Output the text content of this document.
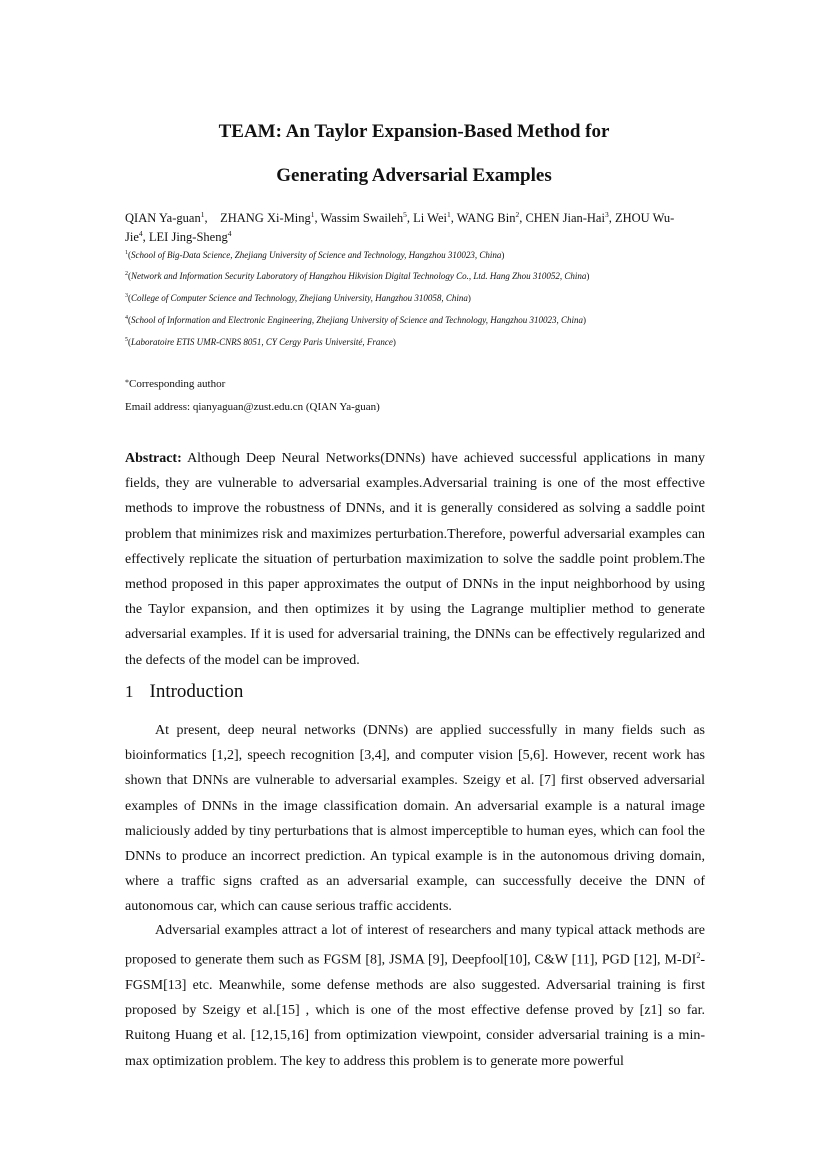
TEAM: An Taylor Expansion-Based Method for
Generating Adversarial Examples
QIAN Ya-guan$^1$,    ZHANG Xi-Ming$^1$, Wassim Swaileh$^5$, Li Wei$^1$, WANG Bin$^2$, CHEN Jian-Hai$^3$, ZHOU Wu-Jie$^4$, LEI Jing-Sheng$^4$
$^1$(School of Big-Data Science, Zhejiang University of Science and Technology, Hangzhou 310023, China)
$^2$(Network and Information Security Laboratory of Hangzhou Hikvision Digital Technology Co., Ltd. Hang Zhou 310052, China)
$^3$(College of Computer Science and Technology, Zhejiang University, Hangzhou 310058, China)
$^4$(School of Information and Electronic Engineering, Zhejiang University of Science and Technology, Hangzhou 310023, China)
$^5$(Laboratoire ETIS UMR-CNRS 8051, CY Cergy Paris Université, France)
*Corresponding author
Email address: qianyaguan@zust.edu.cn (QIAN Ya-guan)

Abstract: Although Deep Neural Networks(DNNs) have achieved successful applications in many fields, they are vulnerable to adversarial examples.Adversarial training is one of the most effective methods to improve the robustness of DNNs, and it is generally considered as solving a saddle point problem that minimizes risk and maximizes perturbation.Therefore, powerful adversarial examples can effectively replicate the situation of perturbation maximization to solve the saddle point problem.The method proposed in this paper approximates the output of DNNs in the input neighborhood by using the Taylor expansion, and then optimizes it by using the Lagrange multiplier method to generate adversarial examples. If it is used for adversarial training, the DNNs can be effectively regularized and the defects of the model can be improved.

1 Introduction

At present, deep neural networks (DNNs) are applied successfully in many fields such as bioinformatics [1,2], speech recognition [3,4], and computer vision [5,6]. However, recent work has shown that DNNs are vulnerable to adversarial examples. Szeigy et al. [7] first observed adversarial examples of DNNs in the image classification domain. An adversarial example is a natural image maliciously added by tiny perturbations that is almost imperceptible to human eyes, which can fool the DNNs to produce an incorrect prediction. An typical example is in the autonomous driving domain, where a traffic signs crafted as an adversarial example, can successfully deceive the DNN of autonomous car, which can cause serious traffic accidents.

Adversarial examples attract a lot of interest of researchers and many typical attack methods are proposed to generate them such as FGSM [8], JSMA [9], Deepfool[10], C&W [11], PGD [12], $M-DI^2-FGSM[13]$ etc. Meanwhile, some defense methods are also suggested. Adversarial training is first proposed by Szeigy et al.[15] , which is one of the most effective defense proved by [z1] so far. Ruitong Huang et al. [12,15,16] from optimization viewpoint, consider adversarial training is a min-max optimization problem. The key to address this problem is to generate more powerful
